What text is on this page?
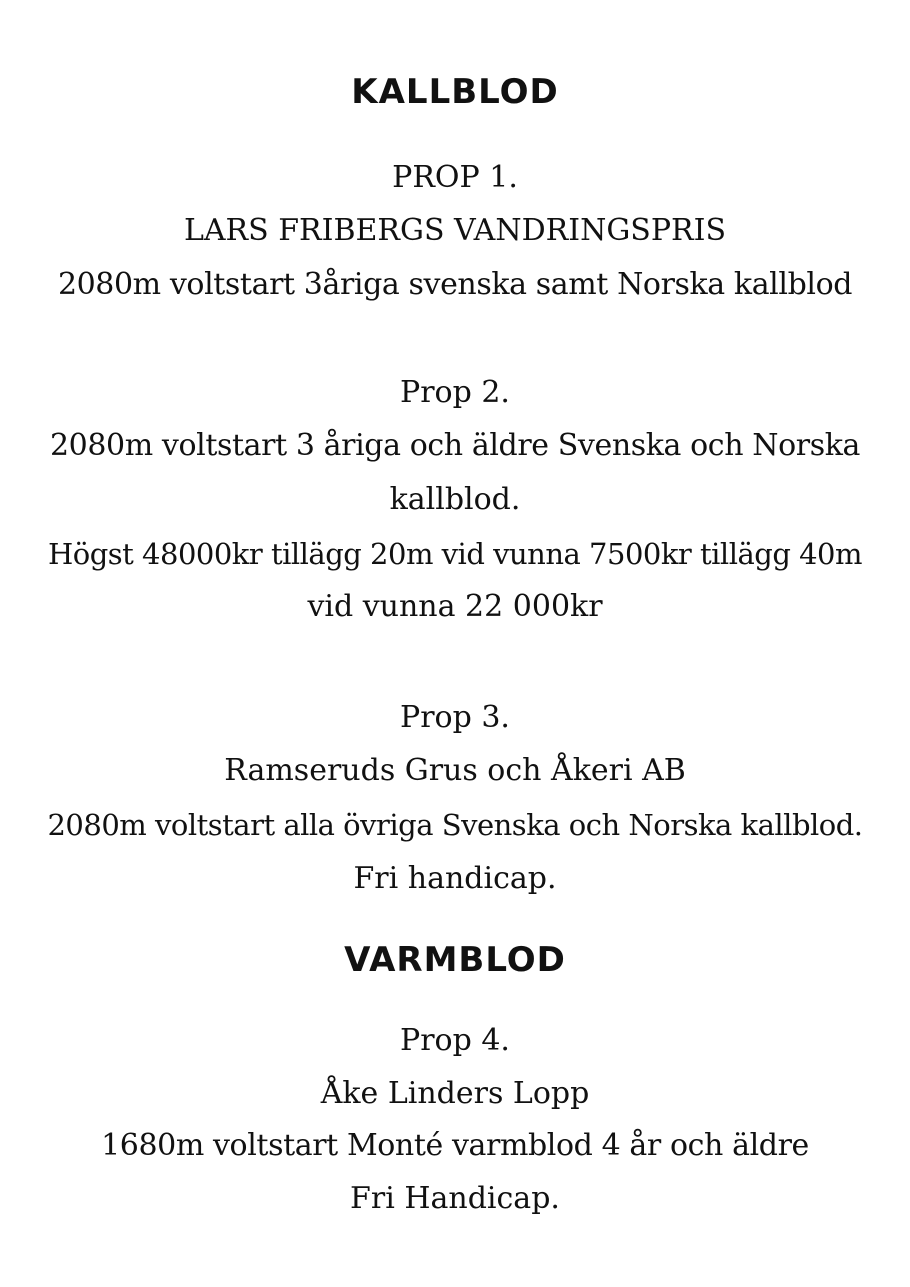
KALLBLOD

PROP 1.

LARS FRIBERGS VANDRINGSPRIS

2080m voltstart 3åriga svenska samt Norska kallblod

Prop 2.

2080m voltstart 3 åriga och äldre Svenska och Norska

kallblod.

Högst 48000kr tillägg 20m vid vunna 7500kr tillägg 40m

vid vunna 22 000kr

Prop 3.

Ramseruds Grus och Åkeri AB

2080m voltstart alla övriga Svenska och Norska kallblod.

Fri handicap.

VARMBLOD

Prop 4.

Åke Linders Lopp

1680m voltstart Monté varmblod 4 år och äldre

Fri Handicap.
